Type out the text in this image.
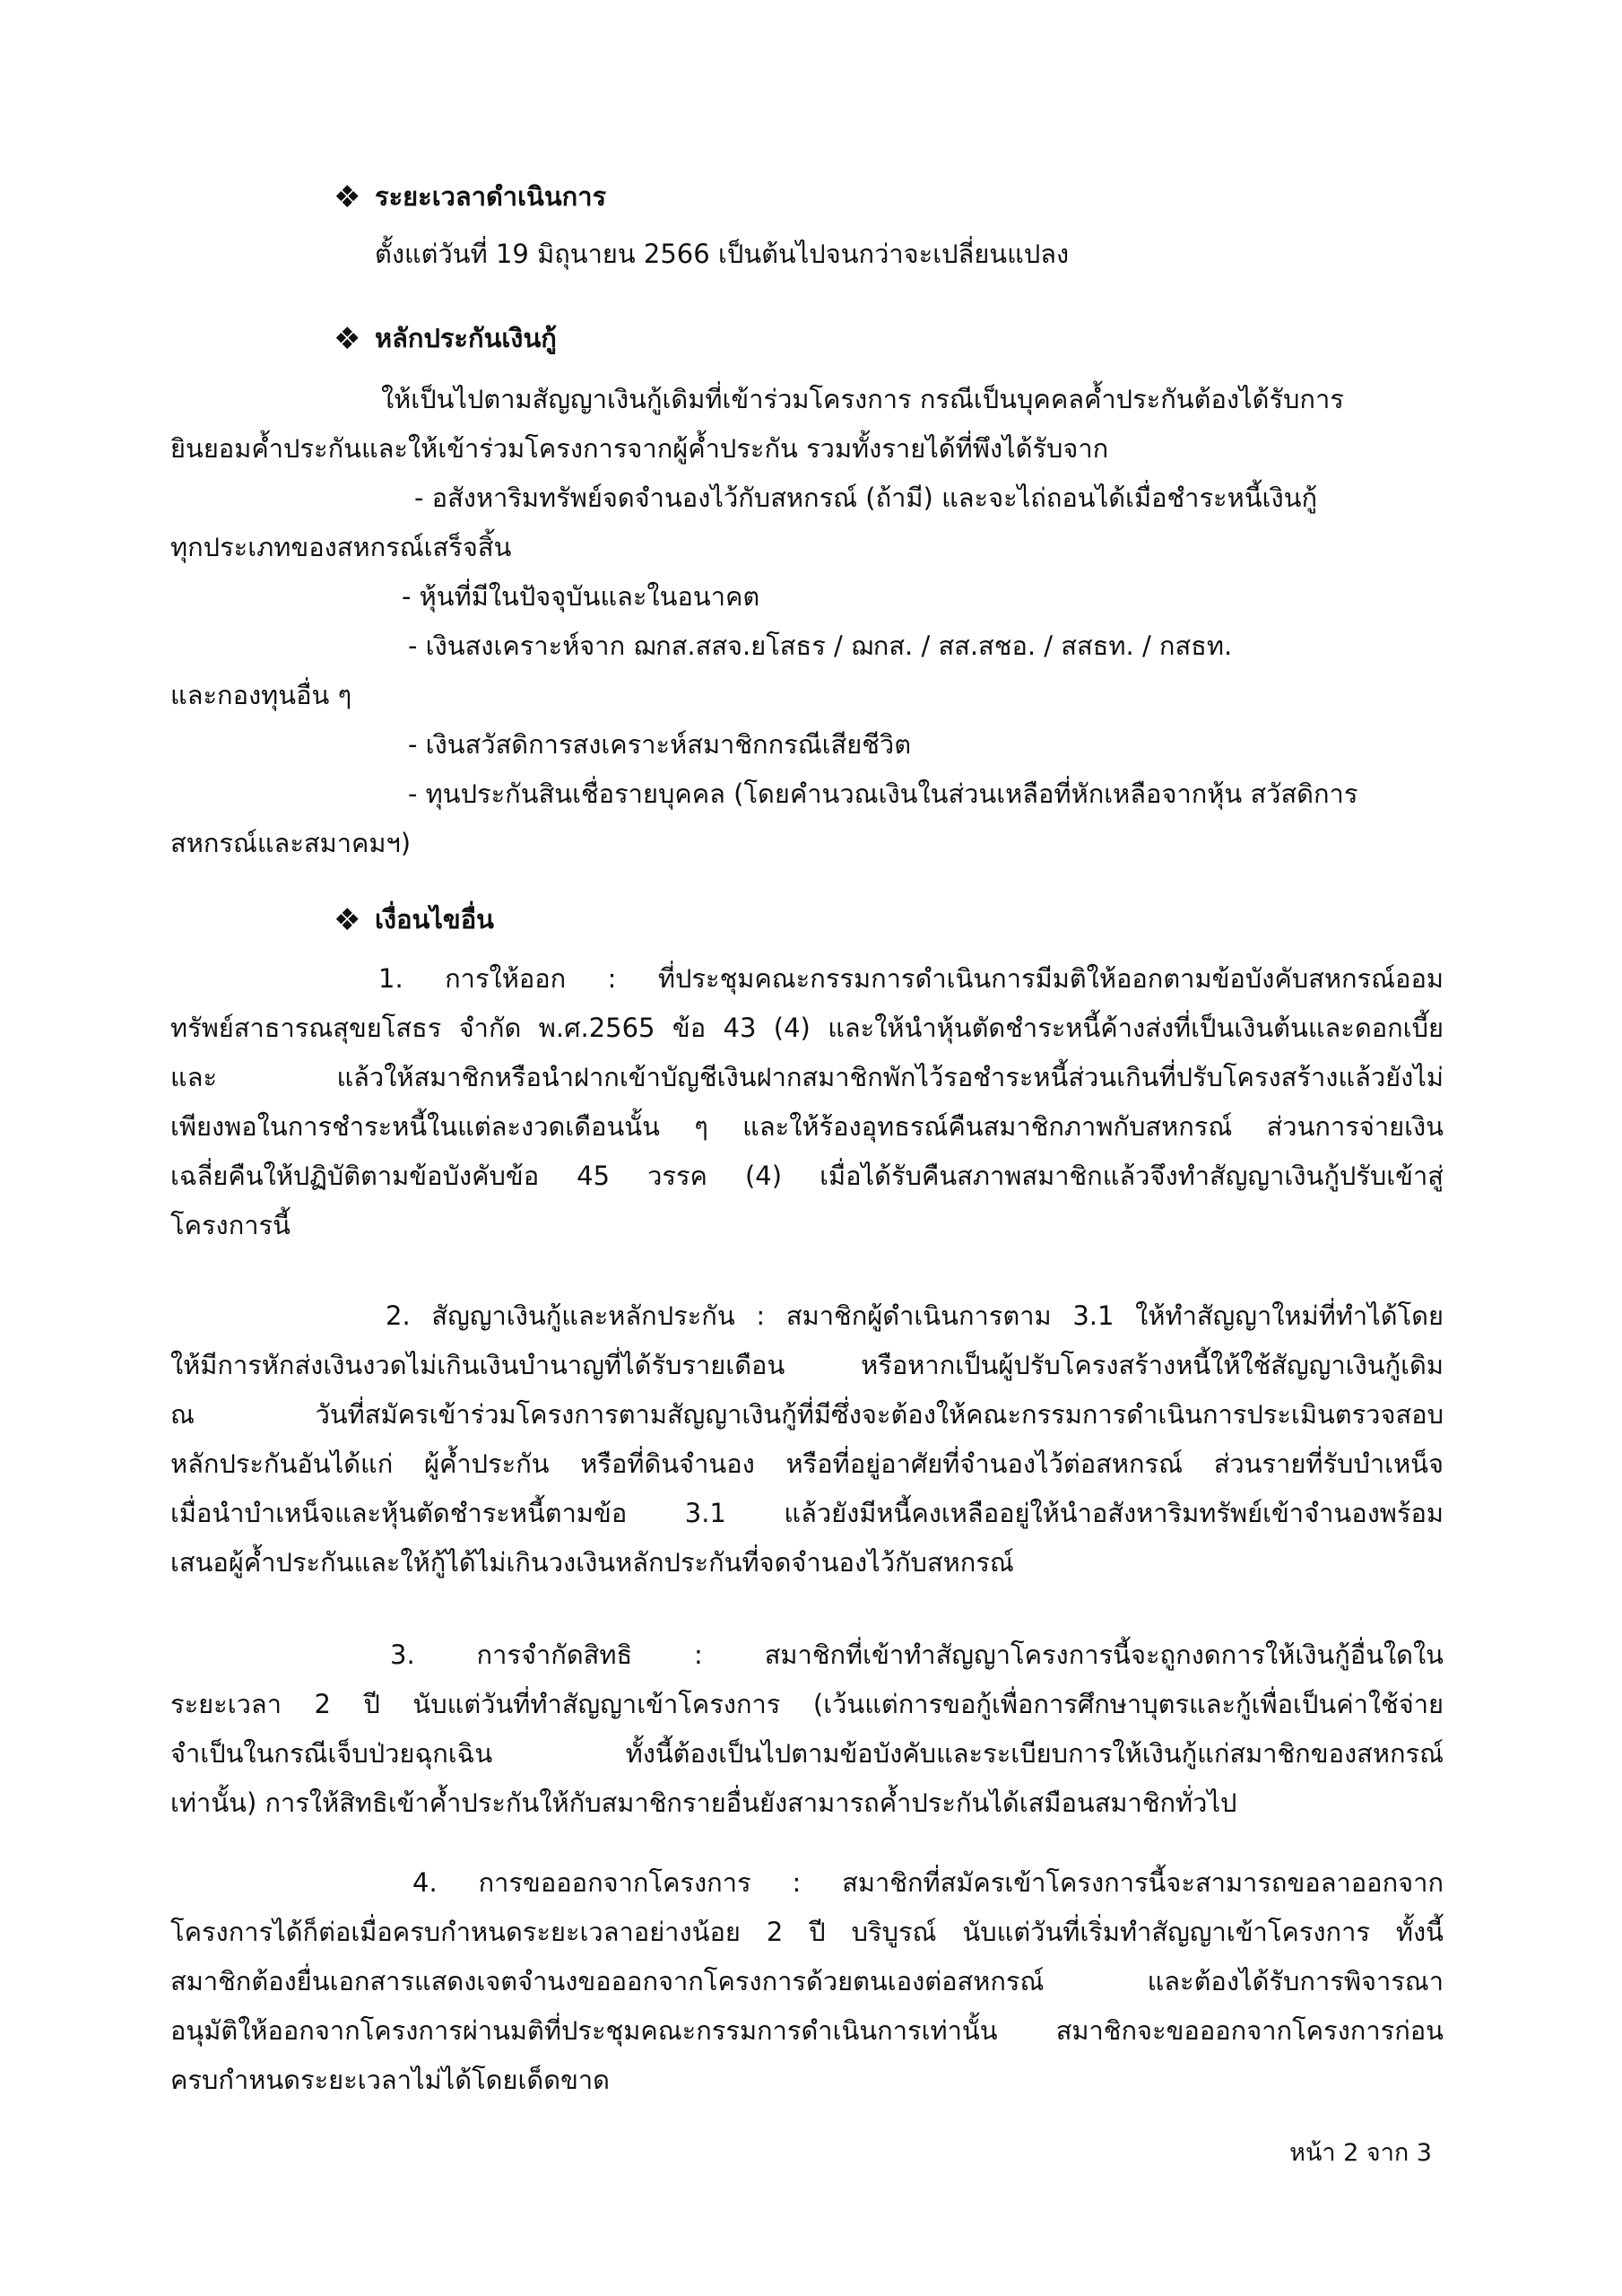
❖ ระยะเวลาดำเนินการ
ตั้งแต่วันที่ 19 มิถุนายน 2566 เป็นต้นไปจนกว่าจะเปลี่ยนแปลง
❖ หลักประกันเงินกู้
ให้เป็นไปตามสัญญาเงินกู้เดิมที่เข้าร่วมโครงการ กรณีเป็นบุคคลค้ำประกันต้องได้รับการ
ยินยอมค้ำประกันและให้เข้าร่วมโครงการจากผู้ค้ำประกัน รวมทั้งรายได้ที่พึงได้รับจาก
- อสังหาริมทรัพย์จดจำนองไว้กับสหกรณ์ (ถ้ามี) และจะไถ่ถอนได้เมื่อชำระหนี้เงินกู้
ทุกประเภทของสหกรณ์เสร็จสิ้น
- หุ้นที่มีในปัจจุบันและในอนาคต
- เงินสงเคราะห์จาก ฌกส.สสจ.ยโสธร / ฌกส. / สส.สชอ. / สสธท. / กสธท.
และกองทุนอื่น ๆ
- เงินสวัสดิการสงเคราะห์สมาชิกกรณีเสียชีวิต
- ทุนประกันสินเชื่อรายบุคคล (โดยคำนวณเงินในส่วนเหลือที่หักเหลือจากหุ้น สวัสดิการ
สหกรณ์และสมาคมฯ)
❖ เงื่อนไขอื่น
1. การให้ออก : ที่ประชุมคณะกรรมการดำเนินการมีมติให้ออกตามข้อบังคับสหกรณ์ออม
ทรัพย์สาธารณสุขยโสธร จำกัด พ.ศ.2565 ข้อ 43 (4) และให้นำหุ้นตัดชำระหนี้ค้างส่งที่เป็นเงินต้นและดอกเบี้ย
และ แล้วให้สมาชิกหรือนำฝากเข้าบัญชีเงินฝากสมาชิกพักไว้รอชำระหนี้ส่วนเกินที่ปรับโครงสร้างแล้วยังไม่
เพียงพอในการชำระหนี้ในแต่ละงวดเดือนนั้น ๆ และให้ร้องอุทธรณ์คืนสมาชิกภาพกับสหกรณ์ ส่วนการจ่ายเงิน
เฉลี่ยคืนให้ปฏิบัติตามข้อบังคับข้อ 45 วรรค (4) เมื่อได้รับคืนสภาพสมาชิกแล้วจึงทำสัญญาเงินกู้ปรับเข้าสู่
โครงการนี้
2. สัญญาเงินกู้และหลักประกัน : สมาชิกผู้ดำเนินการตาม 3.1 ให้ทำสัญญาใหม่ที่ทำได้โดย
ให้มีการหักส่งเงินงวดไม่เกินเงินบำนาญที่ได้รับรายเดือน หรือหากเป็นผู้ปรับโครงสร้างหนี้ให้ใช้สัญญาเงินกู้เดิม
ณ วันที่สมัครเข้าร่วมโครงการตามสัญญาเงินกู้ที่มีซึ่งจะต้องให้คณะกรรมการดำเนินการประเมินตรวจสอบ
หลักประกันอันได้แก่ ผู้ค้ำประกัน หรือที่ดินจำนอง หรือที่อยู่อาศัยที่จำนองไว้ต่อสหกรณ์ ส่วนรายที่รับบำเหน็จ
เมื่อนำบำเหน็จและหุ้นตัดชำระหนี้ตามข้อ 3.1 แล้วยังมีหนี้คงเหลืออยู่ให้นำอสังหาริมทรัพย์เข้าจำนองพร้อม
เสนอผู้ค้ำประกันและให้กู้ได้ไม่เกินวงเงินหลักประกันที่จดจำนองไว้กับสหกรณ์
3. การจำกัดสิทธิ : สมาชิกที่เข้าทำสัญญาโครงการนี้จะถูกงดการให้เงินกู้อื่นใดใน
ระยะเวลา 2 ปี นับแต่วันที่ทำสัญญาเข้าโครงการ (เว้นแต่การขอกู้เพื่อการศึกษาบุตรและกู้เพื่อเป็นค่าใช้จ่าย
จำเป็นในกรณีเจ็บป่วยฉุกเฉิน ทั้งนี้ต้องเป็นไปตามข้อบังคับและระเบียบการให้เงินกู้แก่สมาชิกของสหกรณ์
เท่านั้น) การให้สิทธิเข้าค้ำประกันให้กับสมาชิกรายอื่นยังสามารถค้ำประกันได้เสมือนสมาชิกทั่วไป
4. การขอออกจากโครงการ : สมาชิกที่สมัครเข้าโครงการนี้จะสามารถขอลาออกจาก
โครงการได้ก็ต่อเมื่อครบกำหนดระยะเวลาอย่างน้อย 2 ปี บริบูรณ์ นับแต่วันที่เริ่มทำสัญญาเข้าโครงการ ทั้งนี้
สมาชิกต้องยื่นเอกสารแสดงเจตจำนงขอออกจากโครงการด้วยตนเองต่อสหกรณ์ และต้องได้รับการพิจารณา
อนุมัติให้ออกจากโครงการผ่านมติที่ประชุมคณะกรรมการดำเนินการเท่านั้น สมาชิกจะขอออกจากโครงการก่อน
ครบกำหนดระยะเวลาไม่ได้โดยเด็ดขาด
หน้า 2 จาก 3
